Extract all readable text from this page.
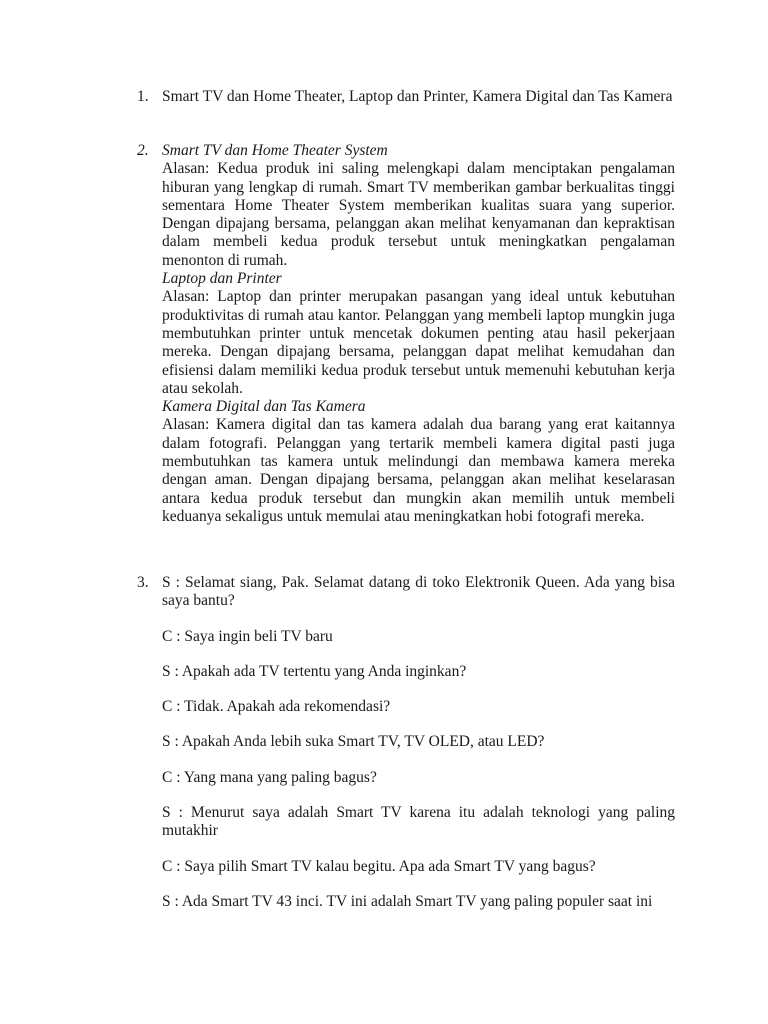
1. Smart TV dan Home Theater, Laptop dan Printer, Kamera Digital dan Tas Kamera
2. Smart TV dan Home Theater System
Alasan: Kedua produk ini saling melengkapi dalam menciptakan pengalaman hiburan yang lengkap di rumah. Smart TV memberikan gambar berkualitas tinggi sementara Home Theater System memberikan kualitas suara yang superior. Dengan dipajang bersama, pelanggan akan melihat kenyamanan dan kepraktisan dalam membeli kedua produk tersebut untuk meningkatkan pengalaman menonton di rumah.
Laptop dan Printer
Alasan: Laptop dan printer merupakan pasangan yang ideal untuk kebutuhan produktivitas di rumah atau kantor. Pelanggan yang membeli laptop mungkin juga membutuhkan printer untuk mencetak dokumen penting atau hasil pekerjaan mereka. Dengan dipajang bersama, pelanggan dapat melihat kemudahan dan efisiensi dalam memiliki kedua produk tersebut untuk memenuhi kebutuhan kerja atau sekolah.
Kamera Digital dan Tas Kamera
Alasan: Kamera digital dan tas kamera adalah dua barang yang erat kaitannya dalam fotografi. Pelanggan yang tertarik membeli kamera digital pasti juga membutuhkan tas kamera untuk melindungi dan membawa kamera mereka dengan aman. Dengan dipajang bersama, pelanggan akan melihat keselarasan antara kedua produk tersebut dan mungkin akan memilih untuk membeli keduanya sekaligus untuk memulai atau meningkatkan hobi fotografi mereka.
3. S : Selamat siang, Pak. Selamat datang di toko Elektronik Queen. Ada yang bisa saya bantu?
C : Saya ingin beli TV baru
S : Apakah ada TV tertentu yang Anda inginkan?
C : Tidak. Apakah ada rekomendasi?
S : Apakah Anda lebih suka Smart TV, TV OLED, atau LED?
C : Yang mana yang paling bagus?
S : Menurut saya adalah Smart TV karena itu adalah teknologi yang paling mutakhir
C : Saya pilih Smart TV kalau begitu. Apa ada Smart TV yang bagus?
S : Ada Smart TV 43 inci. TV ini adalah Smart TV yang paling populer saat ini
